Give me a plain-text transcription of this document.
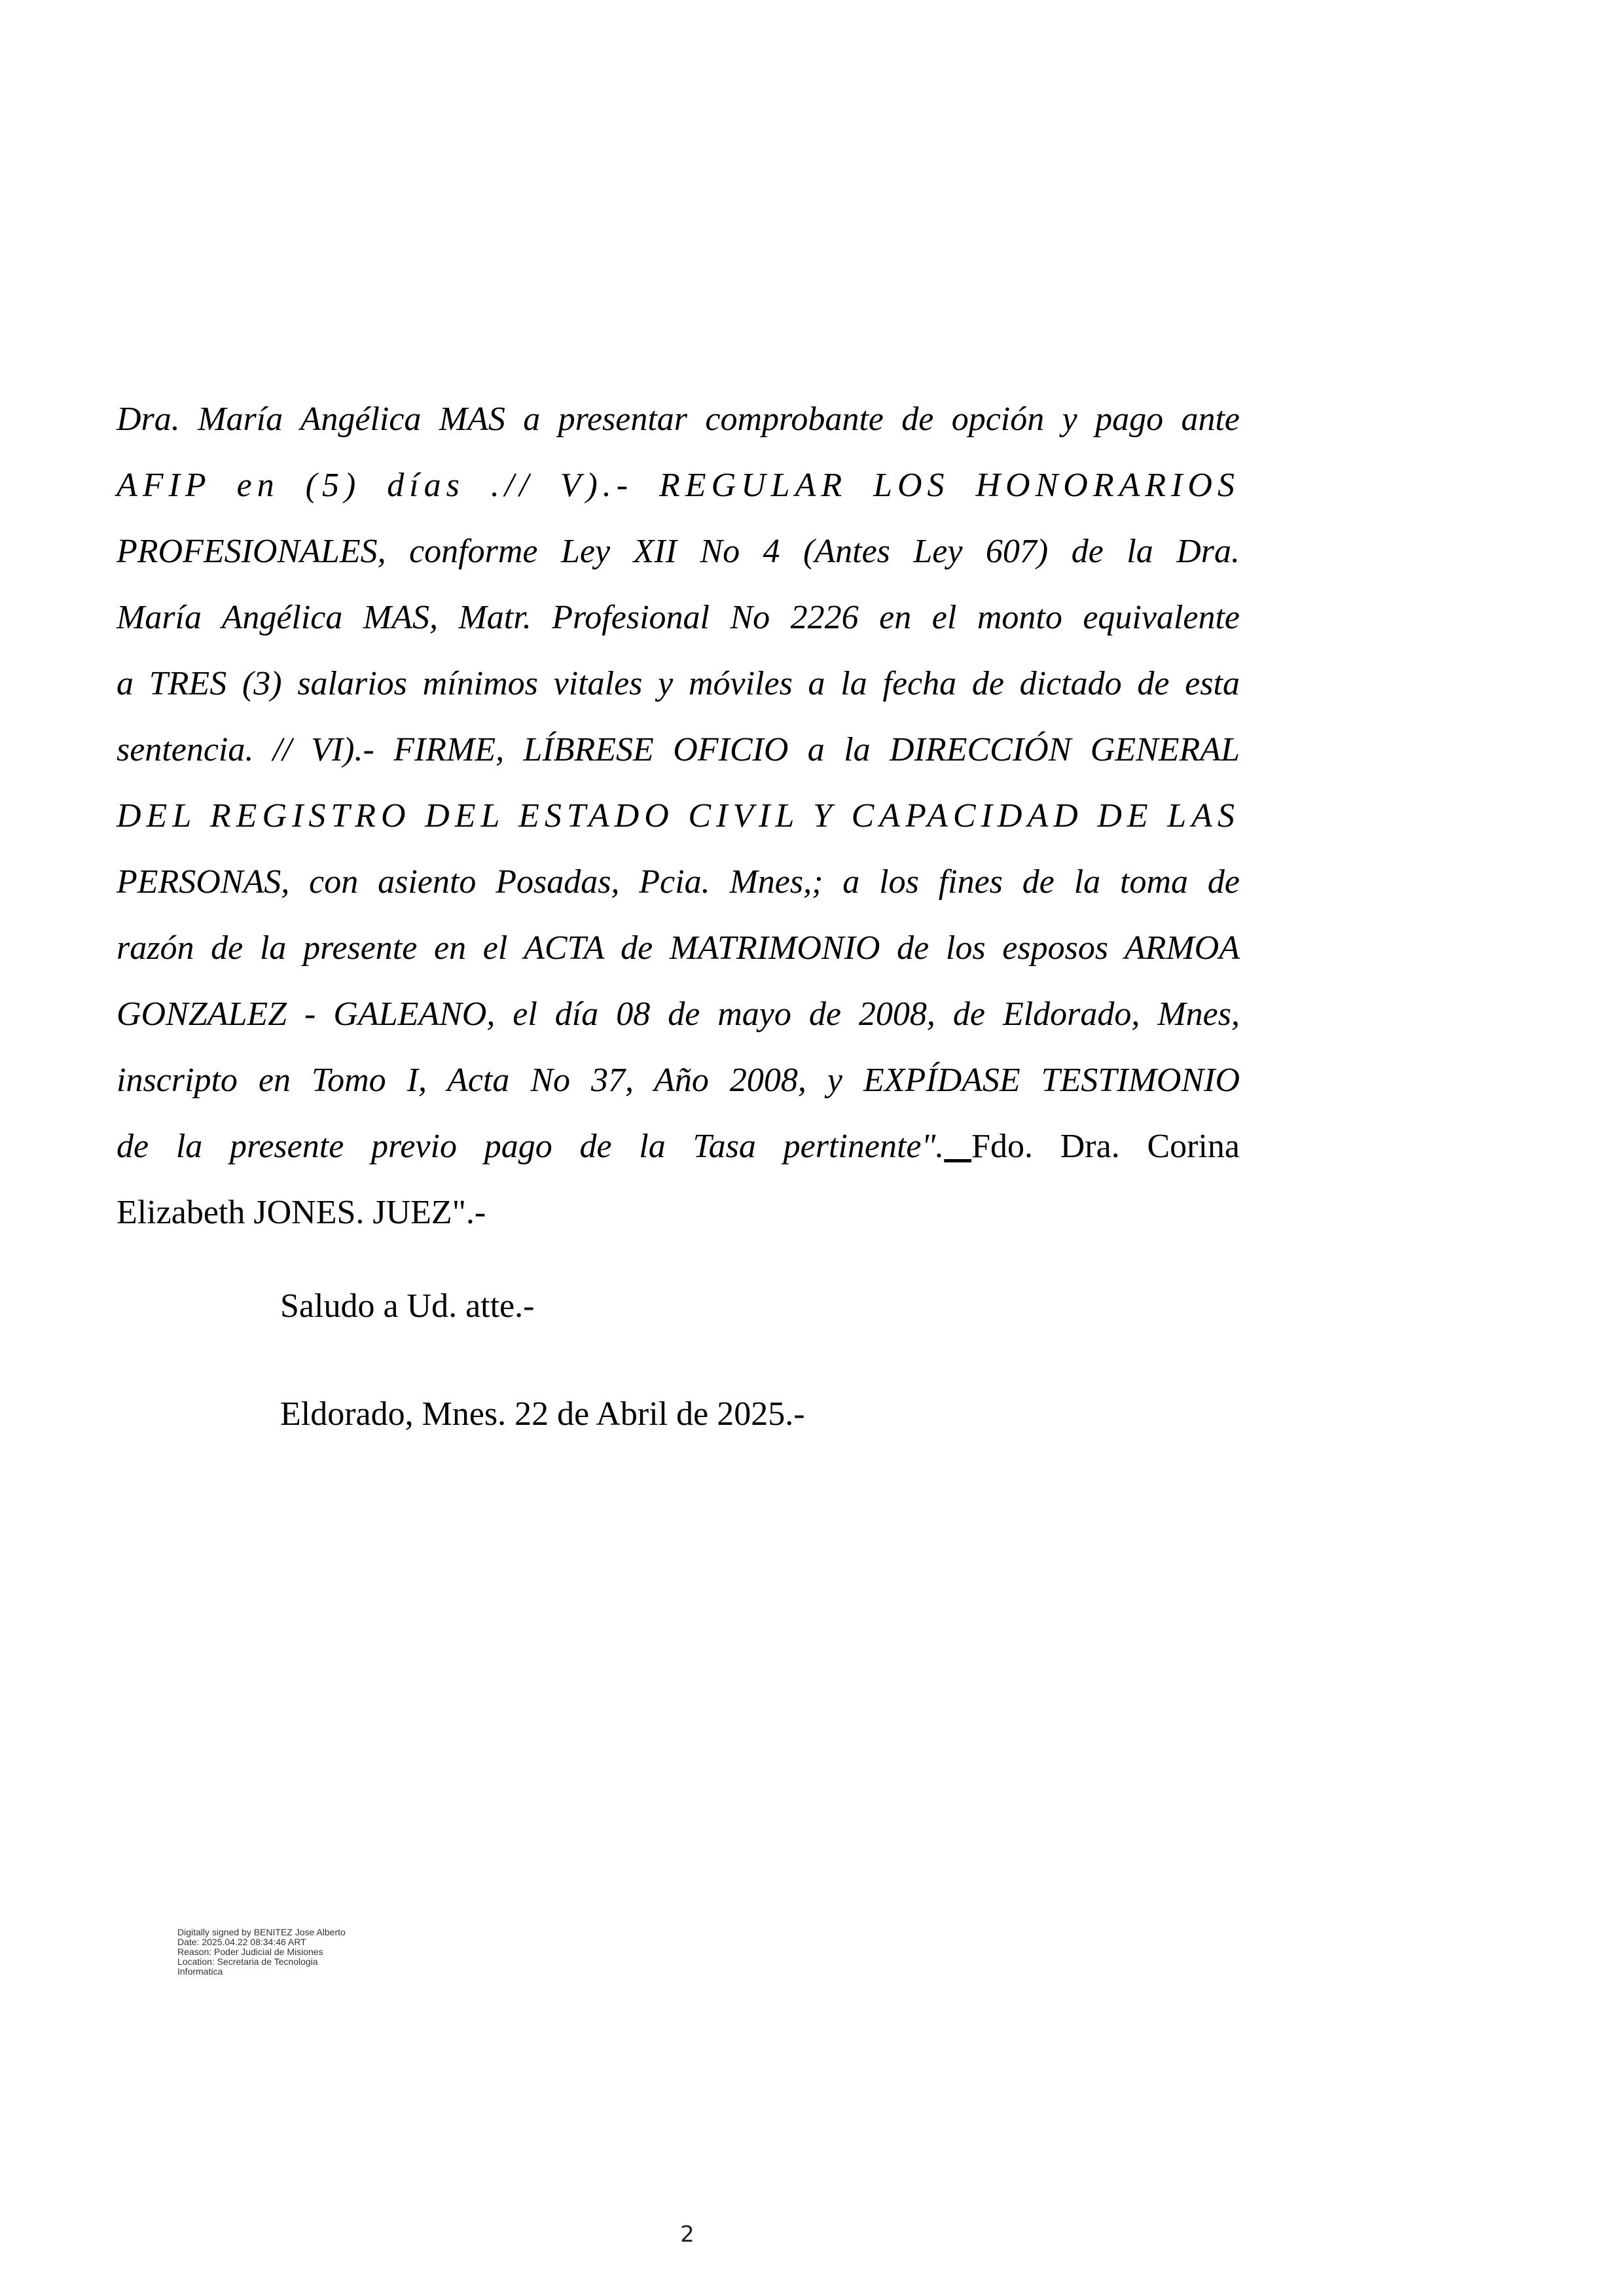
Dra. María Angélica MAS a presentar comprobante de opción y pago ante
AFIP en (5) días .// V).- REGULAR LOS HONORARIOS
PROFESIONALES, conforme Ley XII No 4 (Antes Ley 607) de la Dra.
María Angélica MAS, Matr. Profesional No 2226 en el monto equivalente
a TRES (3) salarios mínimos vitales y móviles a la fecha de dictado de esta
sentencia. // VI).- FIRME, LÍBRESE OFICIO a la DIRECCIÓN GENERAL
DEL REGISTRO DEL ESTADO CIVIL Y CAPACIDAD DE LAS
PERSONAS, con asiento Posadas, Pcia. Mnes,; a los fines de la toma de
razón de la presente en el ACTA de MATRIMONIO de los esposos ARMOA
GONZALEZ - GALEANO, el día 08 de mayo de 2008, de Eldorado, Mnes,
inscripto en Tomo I, Acta No 37, Año 2008, y EXPÍDASE TESTIMONIO
de la presente previo pago de la Tasa pertinente". Fdo. Dra. Corina
Elizabeth JONES. JUEZ".-

Saludo a Ud. atte.-

Eldorado, Mnes. 22 de Abril de 2025.-

Digitally signed by BENITEZ Jose Alberto
Date: 2025.04.22 08:34:46 ART
Reason: Poder Judicial de Misiones
Location: Secretaria de Tecnologia
Informatica
2
